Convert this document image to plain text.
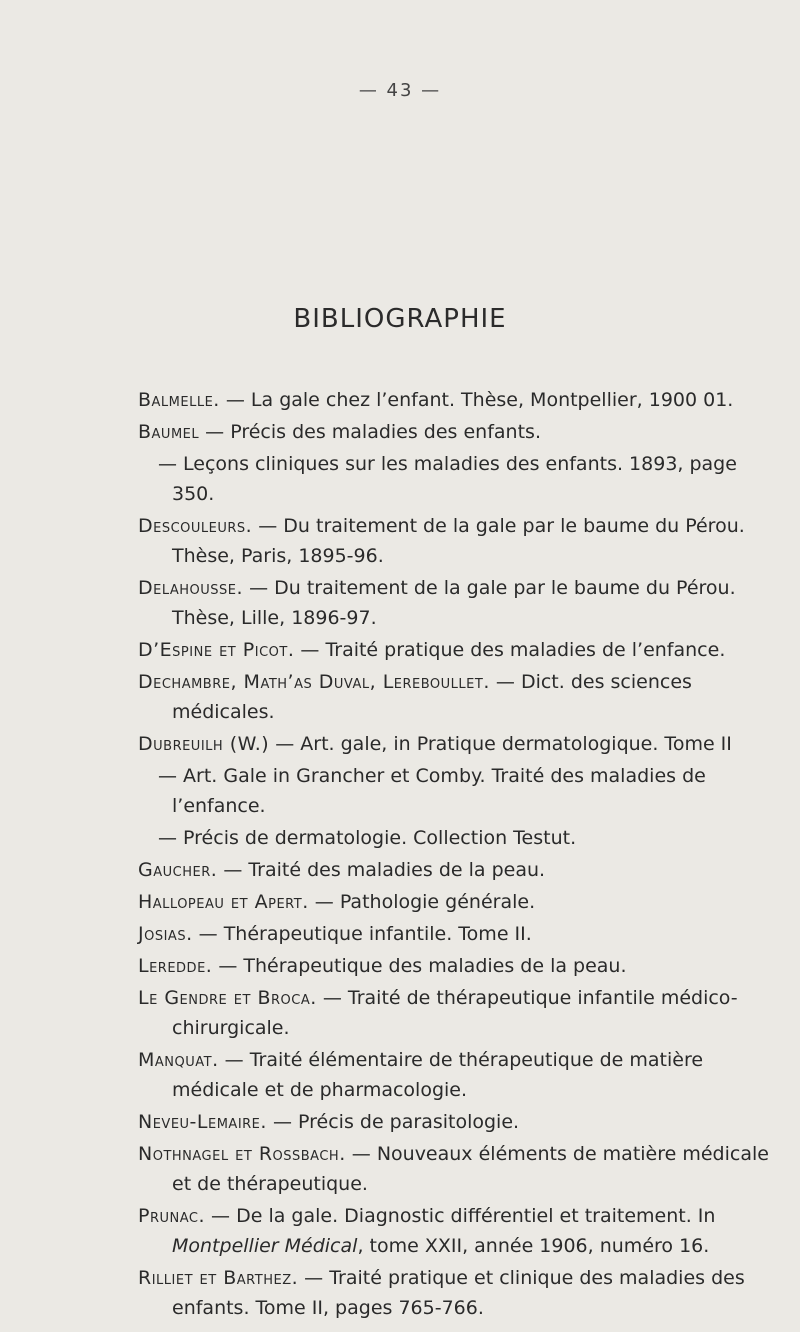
— 43 —
BIBLIOGRAPHIE
Balmelle. — La gale chez l’enfant. Thèse, Montpellier, 1900 01.
Baumel — Précis des maladies des enfants.
— Leçons cliniques sur les maladies des enfants. 1893, page 350.
Descouleurs. — Du traitement de la gale par le baume du Pérou. Thèse, Paris, 1895-96.
Delahousse. — Du traitement de la gale par le baume du Pérou. Thèse, Lille, 1896-97.
D’Espine et Picot. — Traité pratique des maladies de l’enfance.
Dechambre, Math’as Duval, Lereboullet. — Dict. des sciences médicales.
Dubreuilh (W.) — Art. gale, in Pratique dermatologique. Tome II
— Art. Gale in Grancher et Comby. Traité des maladies de l’enfance.
— Précis de dermatologie. Collection Testut.
Gaucher. — Traité des maladies de la peau.
Hallopeau et Apert. — Pathologie générale.
Josias. — Thérapeutique infantile. Tome II.
Leredde. — Thérapeutique des maladies de la peau.
Le Gendre et Broca. — Traité de thérapeutique infantile médico-chirurgicale.
Manquat. — Traité élémentaire de thérapeutique de matière médicale et de pharmacologie.
Neveu-Lemaire. — Précis de parasitologie.
Nothnagel et Rossbach. — Nouveaux éléments de matière médicale et de thérapeutique.
Prunac. — De la gale. Diagnostic différentiel et traitement. In Montpellier Médical, tome XXII, année 1906, numéro 16.
Rilliet et Barthez. — Traité pratique et clinique des maladies des enfants. Tome II, pages 765-766.
